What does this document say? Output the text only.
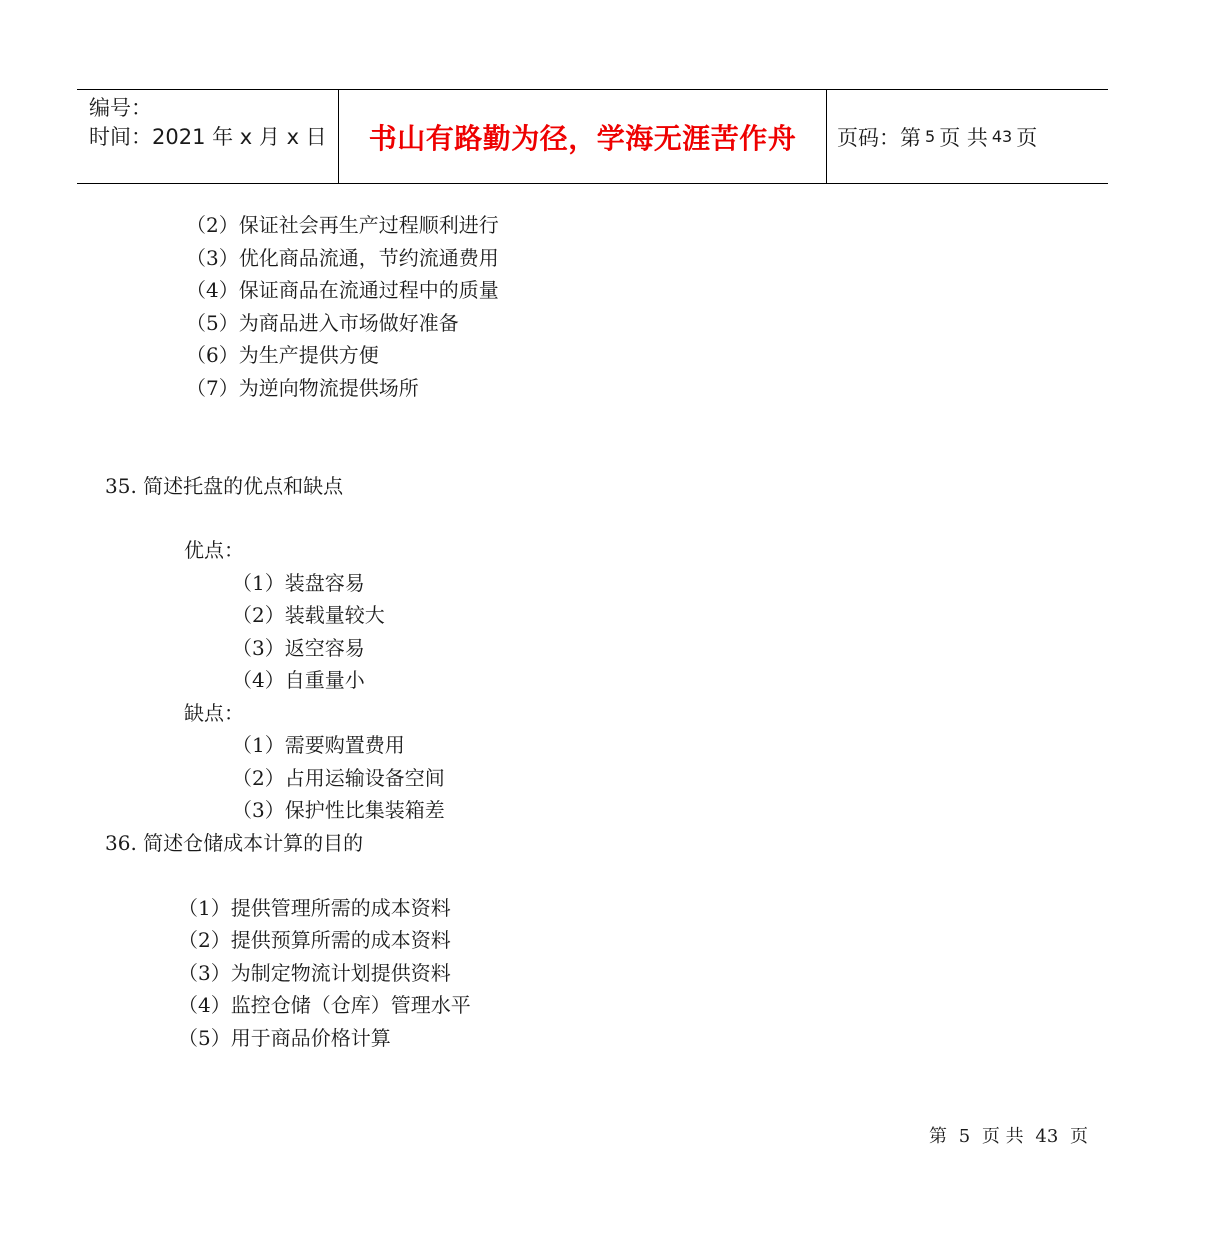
编号：
时间：2021 年 x 月 x 日	书山有路勤为径，学海无涯苦作舟	页码：第 5 页 共 43 页
（2）保证社会再生产过程顺利进行
（3）优化商品流通，节约流通费用
（4）保证商品在流通过程中的质量
（5）为商品进入市场做好准备
（6）为生产提供方便
（7）为逆向物流提供场所
35. 简述托盘的优点和缺点
优点：
（1）装盘容易
（2）装载量较大
（3）返空容易
（4）自重量小
缺点：
（1）需要购置费用
（2）占用运输设备空间
（3）保护性比集装箱差
36. 简述仓储成本计算的目的
（1）提供管理所需的成本资料
（2）提供预算所需的成本资料
（3）为制定物流计划提供资料
（4）监控仓储（仓库）管理水平
（5）用于商品价格计算
第 5 页 共 43 页
